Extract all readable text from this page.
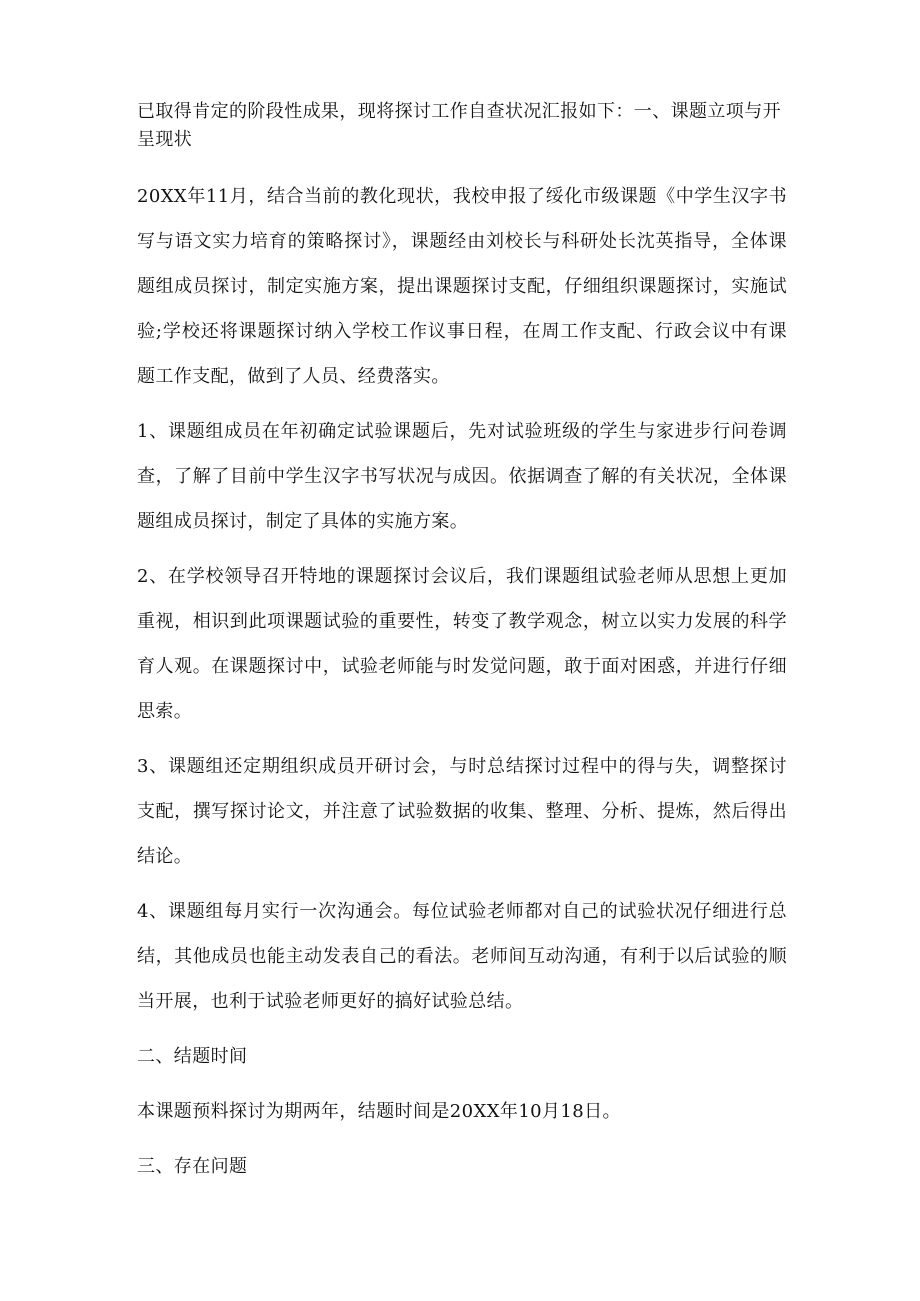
已取得肯定的阶段性成果，现将探讨工作自查状况汇报如下：一、课题立项与开呈现状

20XX年11月，结合当前的教化现状，我校申报了绥化市级课题《中学生汉字书写与语文实力培育的策略探讨》，课题经由刘校长与科研处长沈英指导，全体课题组成员探讨，制定实施方案，提出课题探讨支配，仔细组织课题探讨，实施试验;学校还将课题探讨纳入学校工作议事日程，在周工作支配、行政会议中有课题工作支配，做到了人员、经费落实。

1、课题组成员在年初确定试验课题后，先对试验班级的学生与家进步行问卷调查，了解了目前中学生汉字书写状况与成因。依据调查了解的有关状况，全体课题组成员探讨，制定了具体的实施方案。

2、在学校领导召开特地的课题探讨会议后，我们课题组试验老师从思想上更加重视，相识到此项课题试验的重要性，转变了教学观念，树立以实力发展的科学育人观。在课题探讨中，试验老师能与时发觉问题，敢于面对困惑，并进行仔细思索。

3、课题组还定期组织成员开研讨会，与时总结探讨过程中的得与失，调整探讨支配，撰写探讨论文，并注意了试验数据的收集、整理、分析、提炼，然后得出结论。

4、课题组每月实行一次沟通会。每位试验老师都对自己的试验状况仔细进行总结，其他成员也能主动发表自己的看法。老师间互动沟通，有利于以后试验的顺当开展，也利于试验老师更好的搞好试验总结。

二、结题时间

本课题预料探讨为期两年，结题时间是20XX年10月18日。

三、存在问题
